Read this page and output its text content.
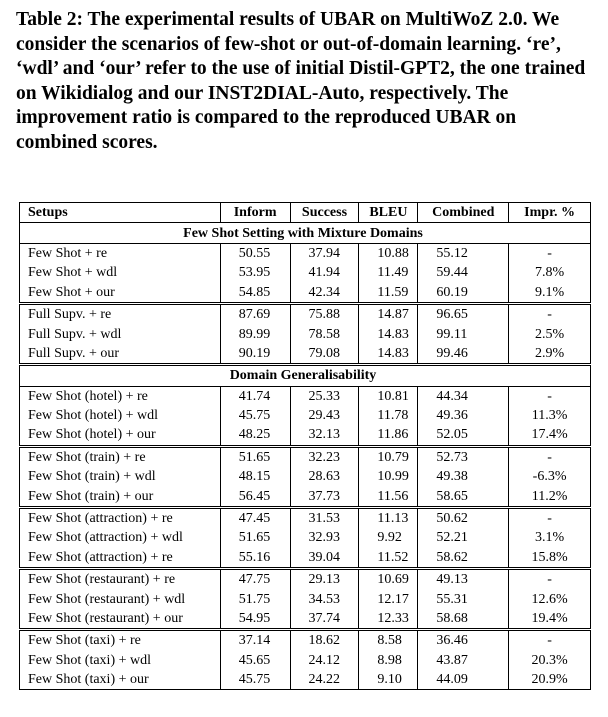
Table 2: The experimental results of UBAR on MultiWoZ 2.0. We consider the scenarios of few-shot or out-of-domain learning. ‘re’, ‘wdl’ and ‘our’ refer to the use of initial Distil-GPT2, the one trained on Wikidialog and our INST2DIAL-Auto, respectively. The improvement ratio is compared to the reproduced UBAR on combined scores.

Setups	Inform	Success	BLEU	Combined	Impr. %
Few Shot Setting with Mixture Domains					
Few Shot + re	50.55	37.94	10.88	55.12	-
Few Shot + wdl	53.95	41.94	11.49	59.44	7.8%
Few Shot + our	54.85	42.34	11.59	60.19	9.1%
Full Supv. + re	87.69	75.88	14.87	96.65	-
Full Supv. + wdl	89.99	78.58	14.83	99.11	2.5%
Full Supv. + our	90.19	79.08	14.83	99.46	2.9%
Domain Generalisability					
Few Shot (hotel) + re	41.74	25.33	10.81	44.34	-
Few Shot (hotel) + wdl	45.75	29.43	11.78	49.36	11.3%
Few Shot (hotel) + our	48.25	32.13	11.86	52.05	17.4%
Few Shot (train) + re	51.65	32.23	10.79	52.73	-
Few Shot (train) + wdl	48.15	28.63	10.99	49.38	-6.3%
Few Shot (train) + our	56.45	37.73	11.56	58.65	11.2%
Few Shot (attraction) + re	47.45	31.53	11.13	50.62	-
Few Shot (attraction) + wdl	51.65	32.93	9.92	52.21	3.1%
Few Shot (attraction) + re	55.16	39.04	11.52	58.62	15.8%
Few Shot (restaurant) + re	47.75	29.13	10.69	49.13	-
Few Shot (restaurant) + wdl	51.75	34.53	12.17	55.31	12.6%
Few Shot (restaurant) + our	54.95	37.74	12.33	58.68	19.4%
Few Shot (taxi) + re	37.14	18.62	8.58	36.46	-
Few Shot (taxi) + wdl	45.65	24.12	8.98	43.87	20.3%
Few Shot (taxi) + our	45.75	24.22	9.10	44.09	20.9%
